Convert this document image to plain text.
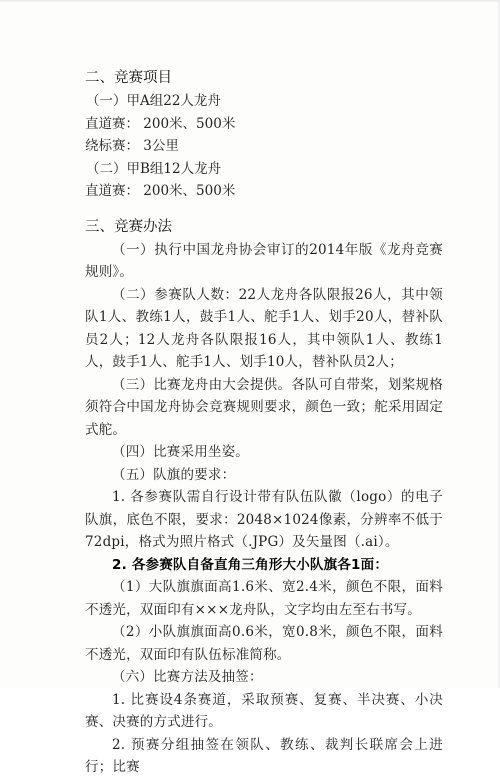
二、竞赛项目
（一）甲A组22人龙舟
直道赛： 200米、500米
绕标赛： 3公里
（二）甲B组12人龙舟
直道赛： 200米、500米
三、竞赛办法
（一）执行中国龙舟协会审订的2014年版《龙舟竞赛规则》。
（二）参赛队人数：22人龙舟各队限报26人，其中领队1人、教练1人，鼓手1人、舵手1人、划手20人，替补队员2人；12人龙舟各队限报16人，其中领队1人、教练1人，鼓手1人、舵手1人、划手10人，替补队员2人；
（三）比赛龙舟由大会提供。各队可自带桨，划桨规格须符合中国龙舟协会竞赛规则要求，颜色一致；舵采用固定式舵。
（四）比赛采用坐姿。
（五）队旗的要求：
1. 各参赛队需自行设计带有队伍队徽（logo）的电子队旗，底色不限，要求：2048×1024像素，分辨率不低于72dpi，格式为照片格式（.JPG）及矢量图（.ai）。
2. 各参赛队自备直角三角形大小队旗各1面：
（1）大队旗旗面高1.6米、宽2.4米，颜色不限，面料不透光，双面印有×××龙舟队，文字均由左至右书写。
（2）小队旗旗面高0.6米，宽0.8米，颜色不限，面料不透光，双面印有队伍标准简称。
（六）比赛方法及抽签：
1. 比赛设4条赛道，采取预赛、复赛、半决赛、小决赛、决赛的方式进行。
2. 预赛分组抽签在领队、教练、裁判长联席会上进行；比赛
